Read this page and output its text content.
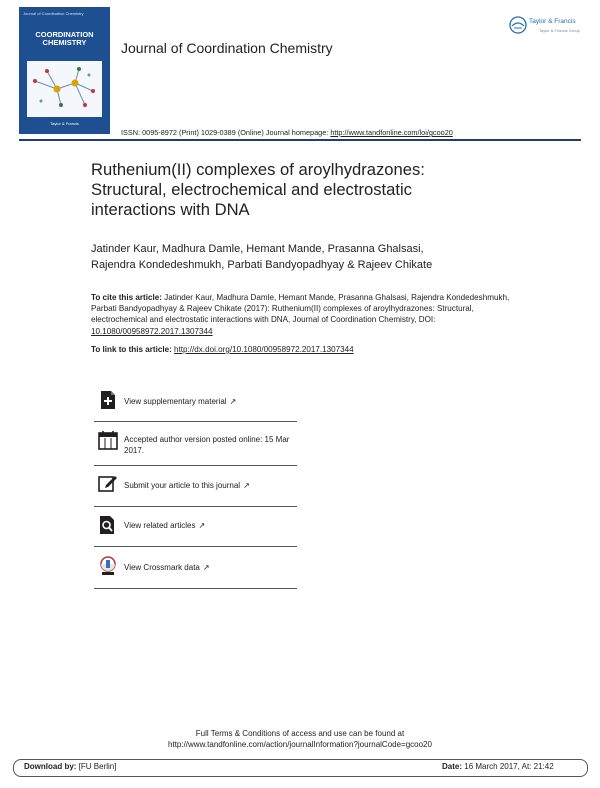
Journal of Coordination Chemistry
COORDINATION
CHEMISTRY
Taylor & Francis
Journal of Coordination Chemistry
Taylor & Francis
Taylor & Francis Group
ISSN: 0095-8972 (Print) 1029-0389 (Online) Journal homepage: http://www.tandfonline.com/loi/gcoo20
Ruthenium(II) complexes of aroylhydrazones:
Structural, electrochemical and electrostatic
interactions with DNA
Jatinder Kaur, Madhura Damle, Hemant Mande, Prasanna Ghalsasi,
Rajendra Kondedeshmukh, Parbati Bandyopadhyay & Rajeev Chikate
To cite this article: Jatinder Kaur, Madhura Damle, Hemant Mande, Prasanna Ghalsasi, Rajendra Kondedeshmukh, Parbati Bandyopadhyay & Rajeev Chikate (2017): Ruthenium(II) complexes of aroylhydrazones: Structural, electrochemical and electrostatic interactions with DNA, Journal of Coordination Chemistry, DOI: 10.1080/00958972.2017.1307344
To link to this article: http://dx.doi.org/10.1080/00958972.2017.1307344
View supplementary material ↗
Accepted author version posted online: 15 Mar 2017.
Submit your article to this journal ↗
View related articles ↗
View Crossmark data ↗
Full Terms & Conditions of access and use can be found at
http://www.tandfonline.com/action/journalInformation?journalCode=gcoo20
Download by: [FU Berlin]	Date: 16 March 2017, At: 21:42
